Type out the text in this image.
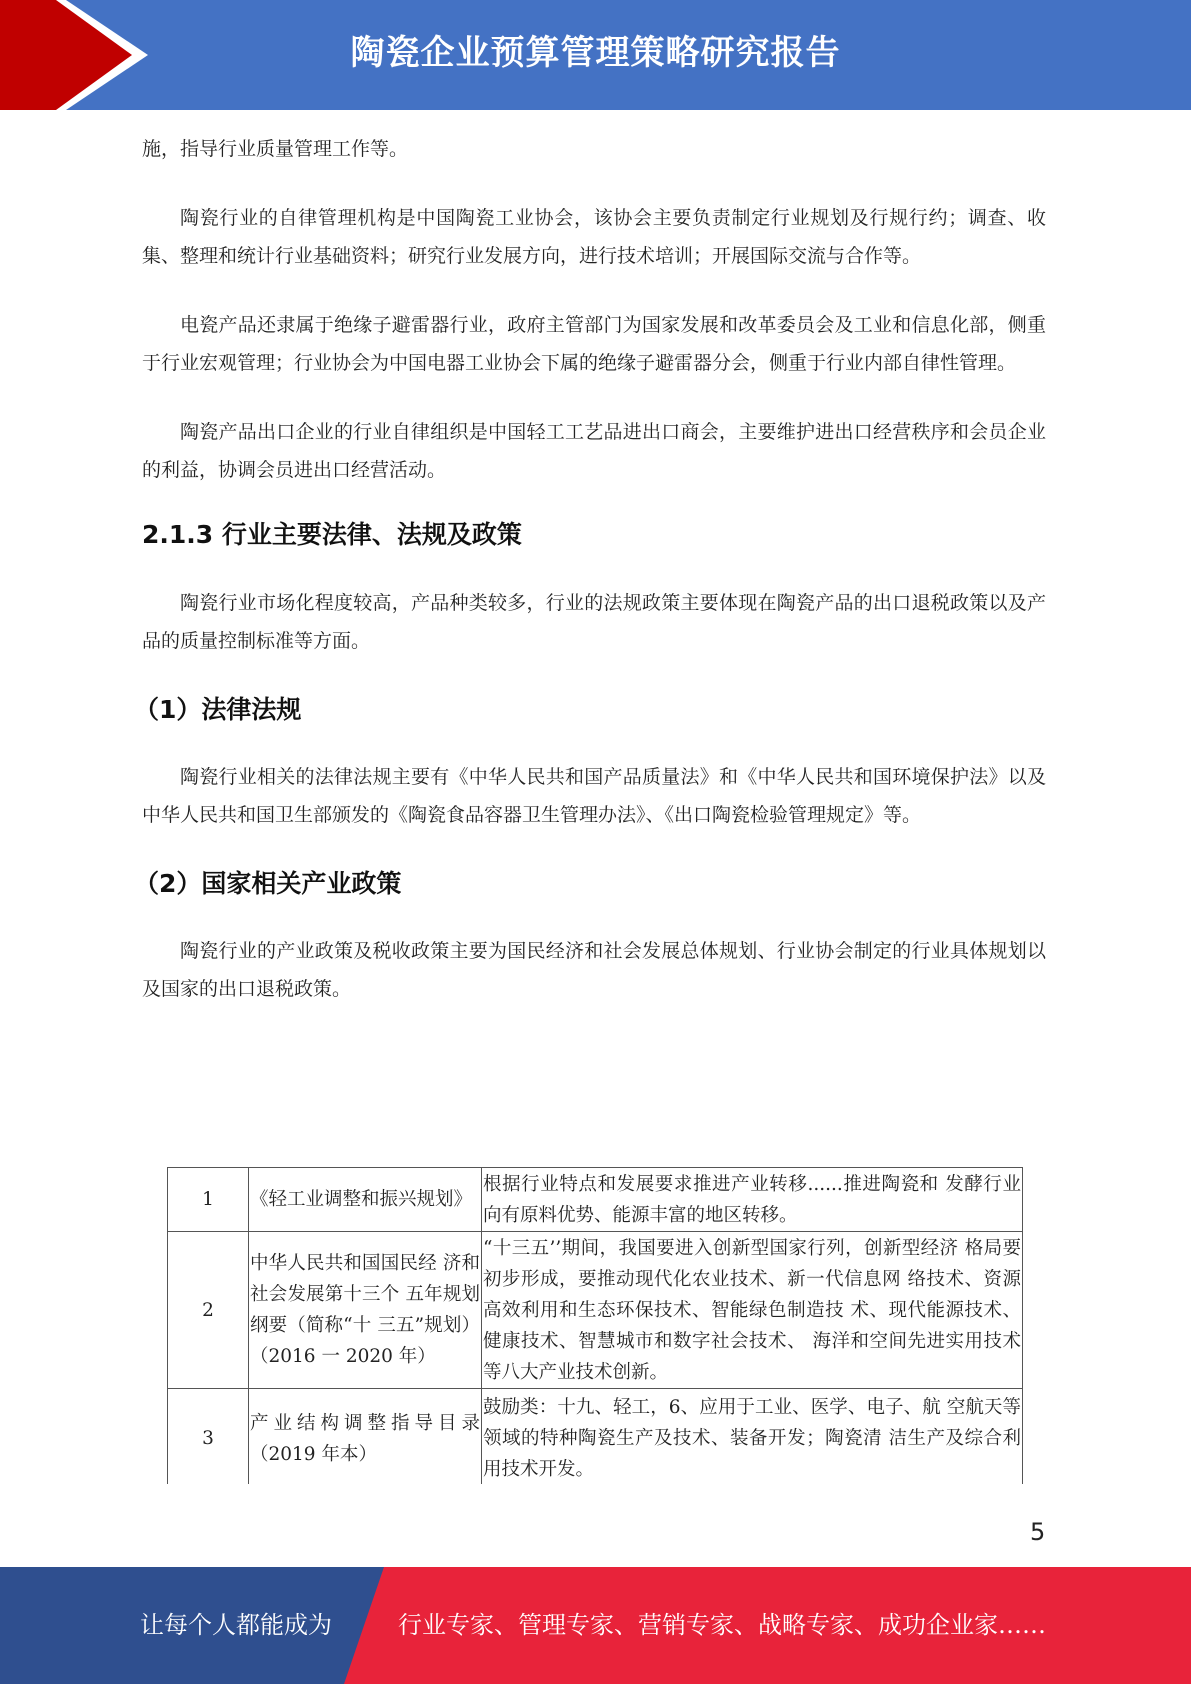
陶瓷企业预算管理策略研究报告

施，指导行业质量管理工作等。

陶瓷行业的自律管理机构是中国陶瓷工业协会，该协会主要负责制定行业规划及行规行约；调查、收集、整理和统计行业基础资料；研究行业发展方向，进行技术培训；开展国际交流与合作等。

电瓷产品还隶属于绝缘子避雷器行业，政府主管部门为国家发展和改革委员会及工业和信息化部，侧重于行业宏观管理；行业协会为中国电器工业协会下属的绝缘子避雷器分会，侧重于行业内部自律性管理。

陶瓷产品出口企业的行业自律组织是中国轻工工艺品进出口商会，主要维护进出口经营秩序和会员企业的利益，协调会员进出口经营活动。

2.1.3 行业主要法律、法规及政策

陶瓷行业市场化程度较高，产品种类较多，行业的法规政策主要体现在陶瓷产品的出口退税政策以及产品的质量控制标准等方面。

（1）法律法规

陶瓷行业相关的法律法规主要有《中华人民共和国产品质量法》和《中华人民共和国环境保护法》以及中华人民共和国卫生部颁发的《陶瓷食品容器卫生管理办法》、《出口陶瓷检验管理规定》等。

（2）国家相关产业政策

陶瓷行业的产业政策及税收政策主要为国民经济和社会发展总体规划、行业协会制定的行业具体规划以及国家的出口退税政策。

1	《轻工业调整和振兴规划》	根据行业特点和发展要求推进产业转移......推进陶瓷和 发酵行业向有原料优势、能源丰富的地区转移。
2	中华人民共和国国民经 济和社会发展第十三个 五年规划纲要（简称“十 三五”规划）（2016 一 2020 年）	“十三五’’期间，我国要进入创新型国家行列，创新型经济 格局要初步形成，要推动现代化农业技术、新一代信息网 络技术、资源高效利用和生态环保技术、智能绿色制造技 术、现代能源技术、健康技术、智慧城市和数字社会技术、 海洋和空间先进实用技术等八大产业技术创新。
3	产业结构调整指导目录（2019 年本）	鼓励类：十九、轻工，6、应用于工业、医学、电子、航 空航天等领域的特种陶瓷生产及技术、装备开发；陶瓷清 洁生产及综合利用技术开发。
5
让每个人都能成为	行业专家、管理专家、营销专家、战略专家、成功企业家……
